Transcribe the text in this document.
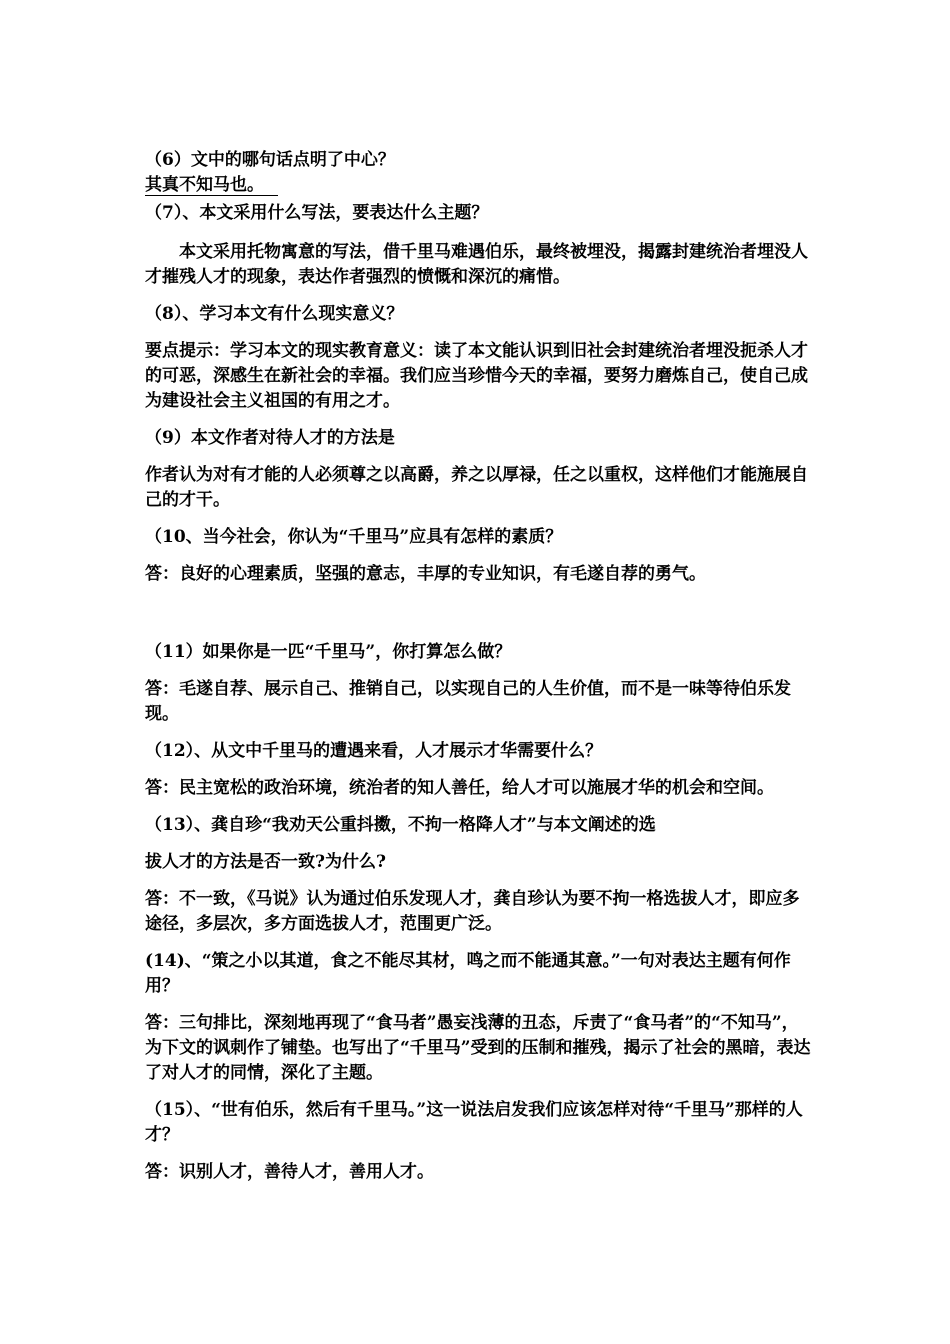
（6）文中的哪句话点明了中心？

其真不知马也。

（7）、本文采用什么写法，要表达什么主题？

本文采用托物寓意的写法，借千里马难遇伯乐，最终被埋没，揭露封建统治者埋没人才摧残人才的现象，表达作者强烈的愤慨和深沉的痛惜。

（8）、学习本文有什么现实意义？

要点提示：学习本文的现实教育意义：读了本文能认识到旧社会封建统治者埋没扼杀人才的可恶，深感生在新社会的幸福。我们应当珍惜今天的幸福，要努力磨炼自己，使自己成为建设社会主义祖国的有用之才。

（9）本文作者对待人才的方法是

作者认为对有才能的人必须尊之以高爵，养之以厚禄，任之以重权，这样他们才能施展自己的才干。

（10、当今社会，你认为“千里马”应具有怎样的素质？

答：良好的心理素质，坚强的意志，丰厚的专业知识，有毛遂自荐的勇气。

（11）如果你是一匹“千里马”，你打算怎么做？

答：毛遂自荐、展示自己、推销自己，以实现自己的人生价值，而不是一味等待伯乐发现。

（12）、从文中千里马的遭遇来看，人才展示才华需要什么？

答：民主宽松的政治环境，统治者的知人善任，给人才可以施展才华的机会和空间。

（13）、龚自珍“我劝天公重抖擞，不拘一格降人才”与本文阐述的选

拔人才的方法是否一致?为什么?

答：不一致，《马说》认为通过伯乐发现人才，龚自珍认为要不拘一格选拔人才，即应多途径，多层次，多方面选拔人才，范围更广泛。

(14)、“策之小以其道，食之不能尽其材，鸣之而不能通其意。”一句对表达主题有何作用？

答：三句排比，深刻地再现了“食马者”愚妄浅薄的丑态，斥责了“食马者”的“不知马”，为下文的讽刺作了铺垫。也写出了“千里马”受到的压制和摧残，揭示了社会的黑暗，表达了对人才的同情，深化了主题。

（15）、“世有伯乐，然后有千里马。”这一说法启发我们应该怎样对待“千里马”那样的人才？

答：识别人才，善待人才，善用人才。
